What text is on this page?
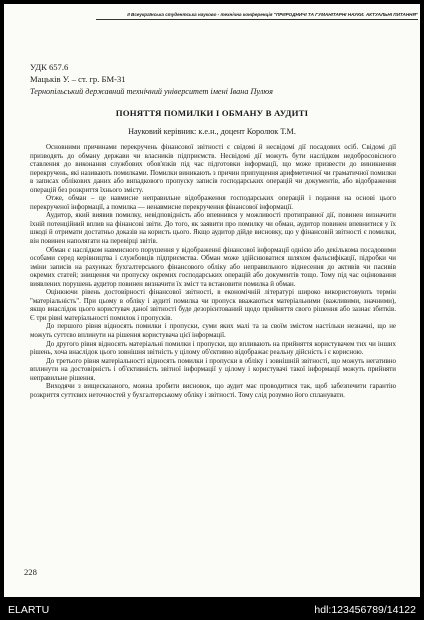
II Всеукраїнська студентська науково - технічна конференція "ПРИРОДНИЧІ ТА ГУМАНІТАРНІ НАУКИ. АКТУАЛЬНІ ПИТАННЯ"
УДК 657.6
Мацьків У. – ст. гр. БМ-31
Тернопільський державний технічний університет імені Івана Пулюя
ПОНЯТТЯ ПОМИЛКИ І ОБМАНУ В АУДИТІ
Науковий керівник: к.е.н., доцент Королюк Т.М.

Основними причинами перекручень фінансової звітності є свідомі й несвідомі дії посадових осіб. Свідомі дії призводять до обману держави чи власників підприємств. Несвідомі дії можуть бути наслідком недобросовісного ставлення до виконання службових обов'язків під час підготовки інформації, що може призвести до виникнення перекручень, які називають помилками. Помилки виникають з причин припущення арифметичної чи граматичної помилки в записах облікових даних або випадкового пропуску записів господарських операцій чи документів, або відображення операцій без розкриття їхнього змісту.

Отже, обман – це навмисне неправильне відображення господарських операцій і подання на основі цього перекрученої інформації, а помилка — ненавмисне перекручення фінансової інформації.

Аудитор, який виявив помилку, невідповідність або впевнився у можливості протиправної дії, повинен визначити їхній потенційний вплив на фінансові звіти. До того, як заявити про помилку чи обман, аудитор повинен впевнитися у їх шкоді й отримати достатньо доказів на користь цього. Якщо аудитор дійде висновку, що у фінансовій звітності є помилки, він повинен наполягати на перевірці звітів.

Обман є наслідком навмисного порушення у відображенні фінансової інформації однією або декількома посадовими особами серед керівництва і службовців підприємства. Обман може здійснюватися шляхом фальсифікації, підробки чи зміни записів на рахунках бухгалтерського фінансового обліку або неправильного віднесення до активів чи пасивів окремих статей; знищення чи пропуску окремих господарських операцій або документів тощо. Тому під час оцінювання виявлених порушень аудитор повинен визначити їх зміст та встановити помилка й обман.

Оцінюючи рівень достовірності фінансової звітності, в економічній літературі широко використовують термін "матеріальність". При цьому в обліку і аудиті помилка чи пропуск вважаються матеріальними (важливими, значними), якщо внаслідок цього користувач даної звітності буде дезорієнтований щодо прийняття свого рішення або зазнає збитків. Є три рівні матеріальності помилок і пропусків.

До першого рівня відносять помилки і пропуски, суми яких малі та за своїм змістом настільки незначні, що не можуть суттєво вплинути на рішення користувача цієї інформації.

До другого рівня відносять матеріальні помилки і пропуски, що впливають на прийняття користувачем тих чи інших рішень, хоча внаслідок цього зовнішня звітність у цілому об'єктивно відображає реальну дійсність і є корисною.

До третього рівня матеріальності відносять помилки і пропуски в обліку і зовнішній звітності, що можуть негативно вплинути на достовірність і об'єктивність звітної інформації у цілому і користувачі такої інформації можуть прийняти неправильне рішення.

Виходячи з вищесказаного, можна зробити висновок, що аудит має проводитися так, щоб забезпечити гарантію розкриття суттєвих неточностей у бухгалтерському обліку і звітності. Тому слід розумно його спланувати.

228
ELARTU	hdl:123456789/14122
